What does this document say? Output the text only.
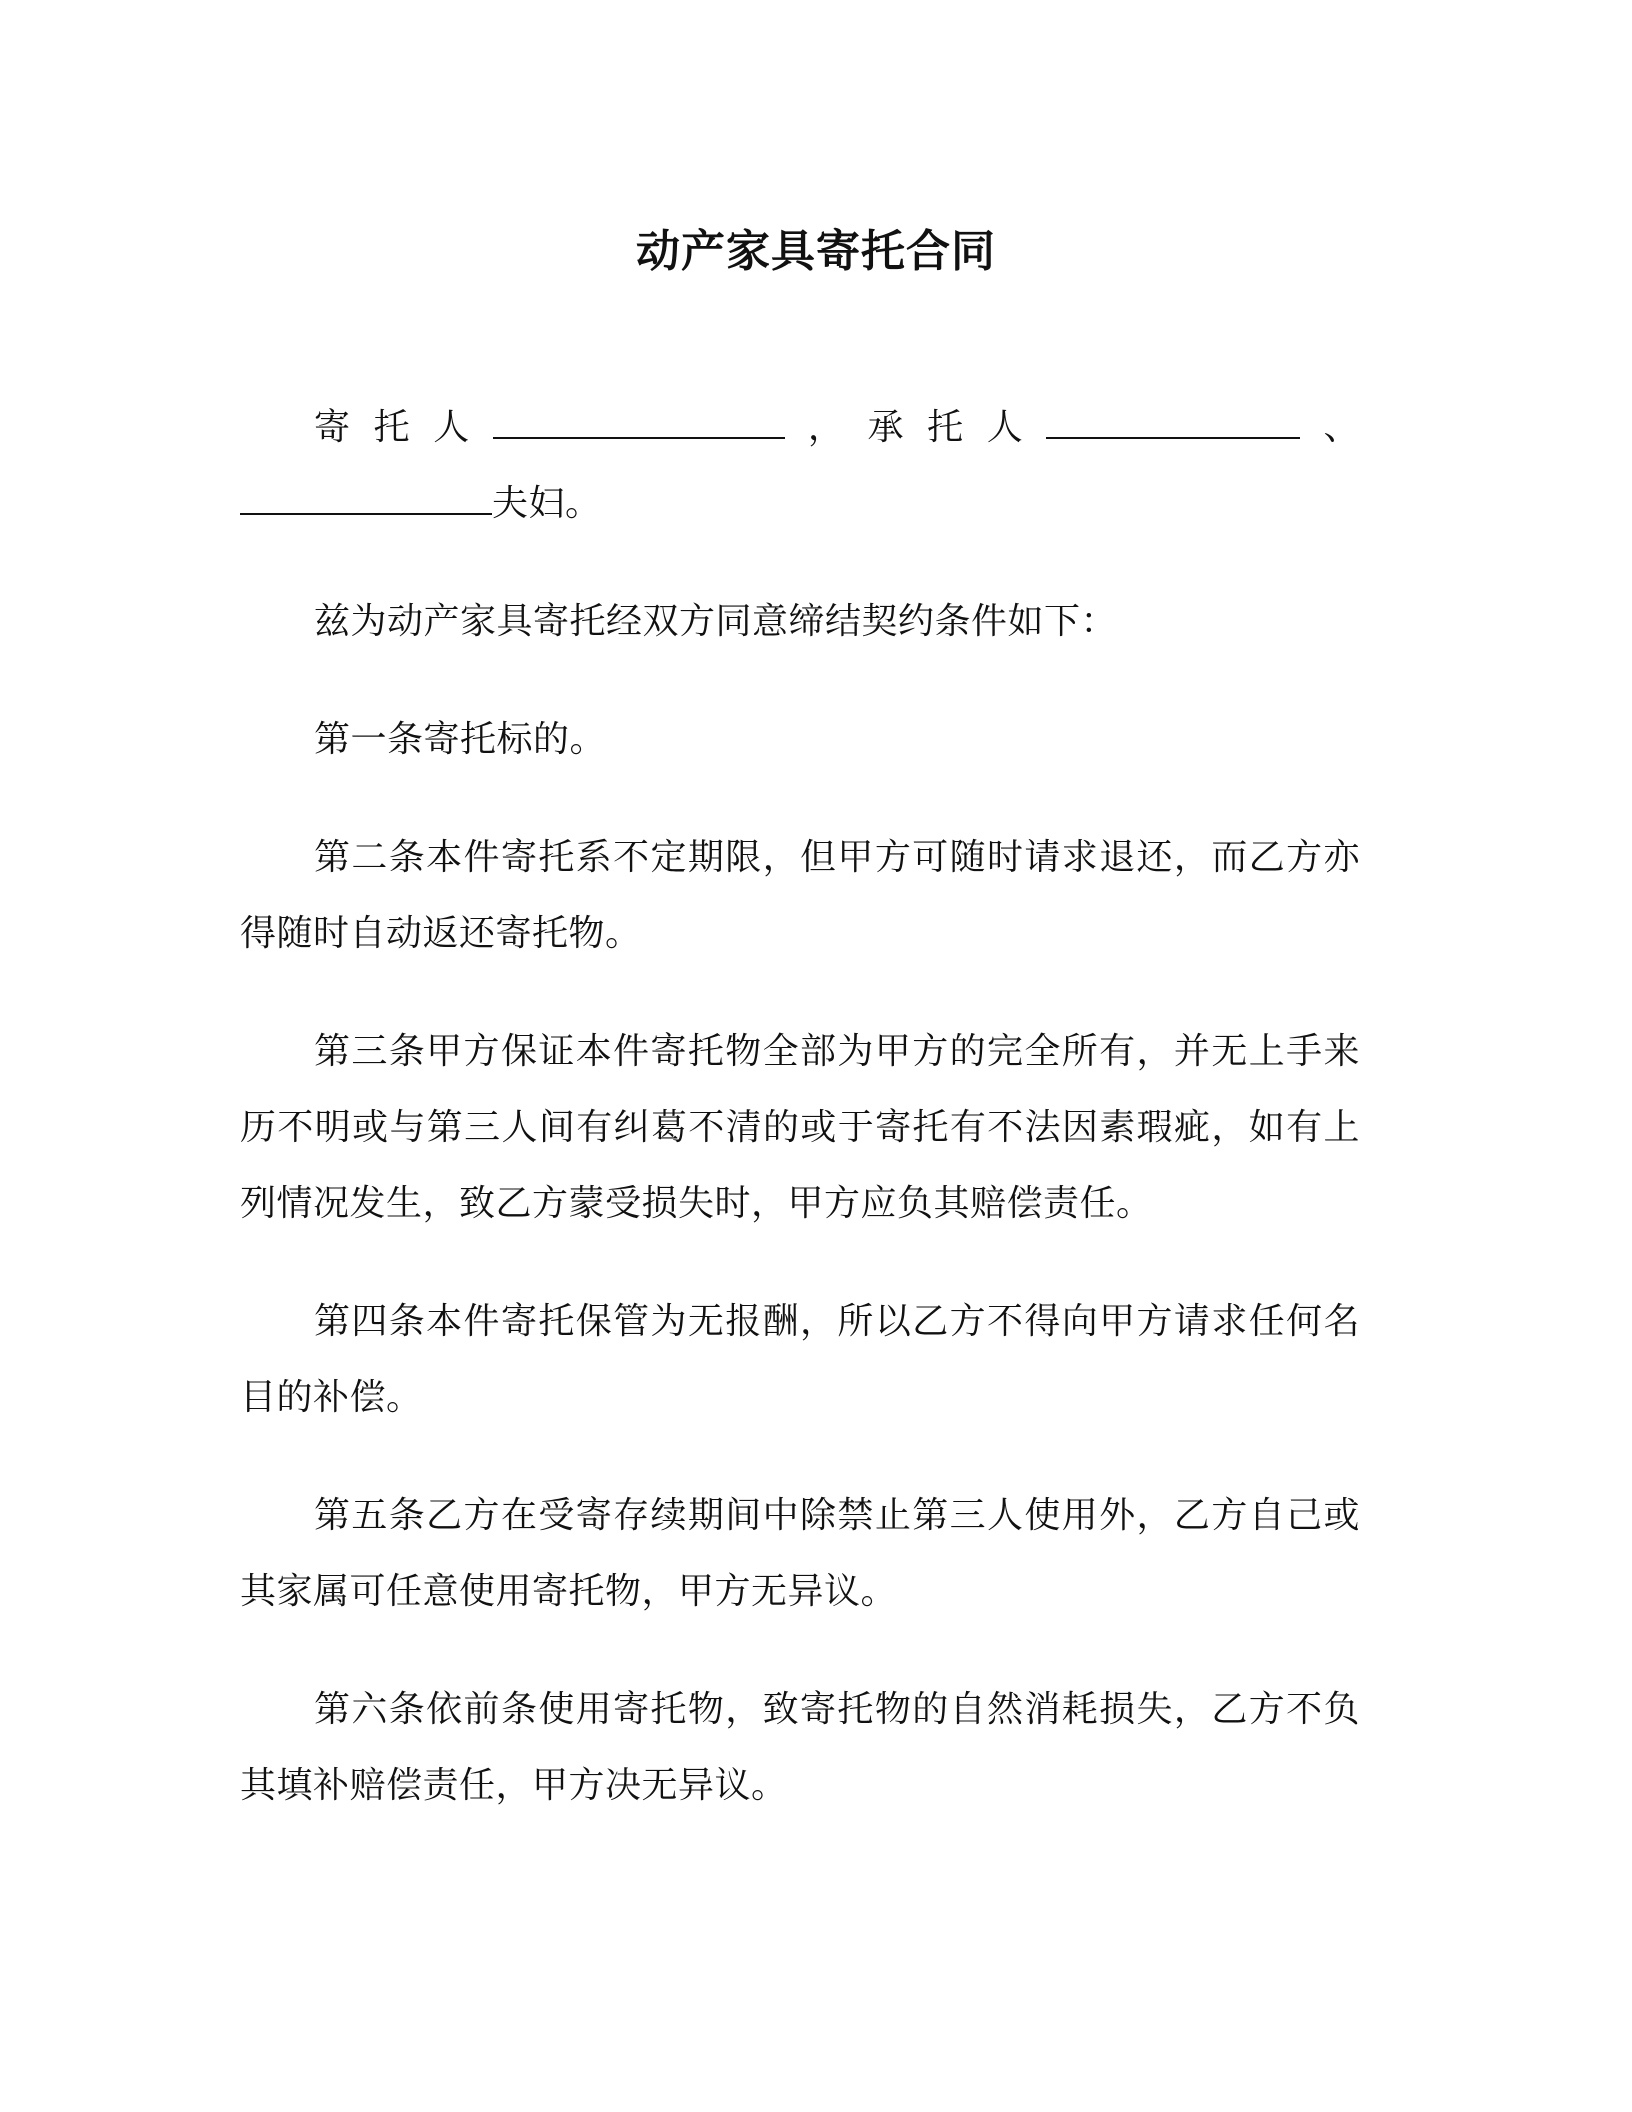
动产家具寄托合同

寄托人	，承托人	、夫妇。

兹为动产家具寄托经双方同意缔结契约条件如下：

第一条寄托标的。

第二条本件寄托系不定期限，但甲方可随时请求退还，而乙方亦得随时自动返还寄托物。

第三条甲方保证本件寄托物全部为甲方的完全所有，并无上手来历不明或与第三人间有纠葛不清的或于寄托有不法因素瑕疵，如有上列情况发生，致乙方蒙受损失时，甲方应负其赔偿责任。

第四条本件寄托保管为无报酬，所以乙方不得向甲方请求任何名目的补偿。

第五条乙方在受寄存续期间中除禁止第三人使用外，乙方自己或其家属可任意使用寄托物，甲方无异议。

第六条依前条使用寄托物，致寄托物的自然消耗损失，乙方不负其填补赔偿责任，甲方决无异议。
